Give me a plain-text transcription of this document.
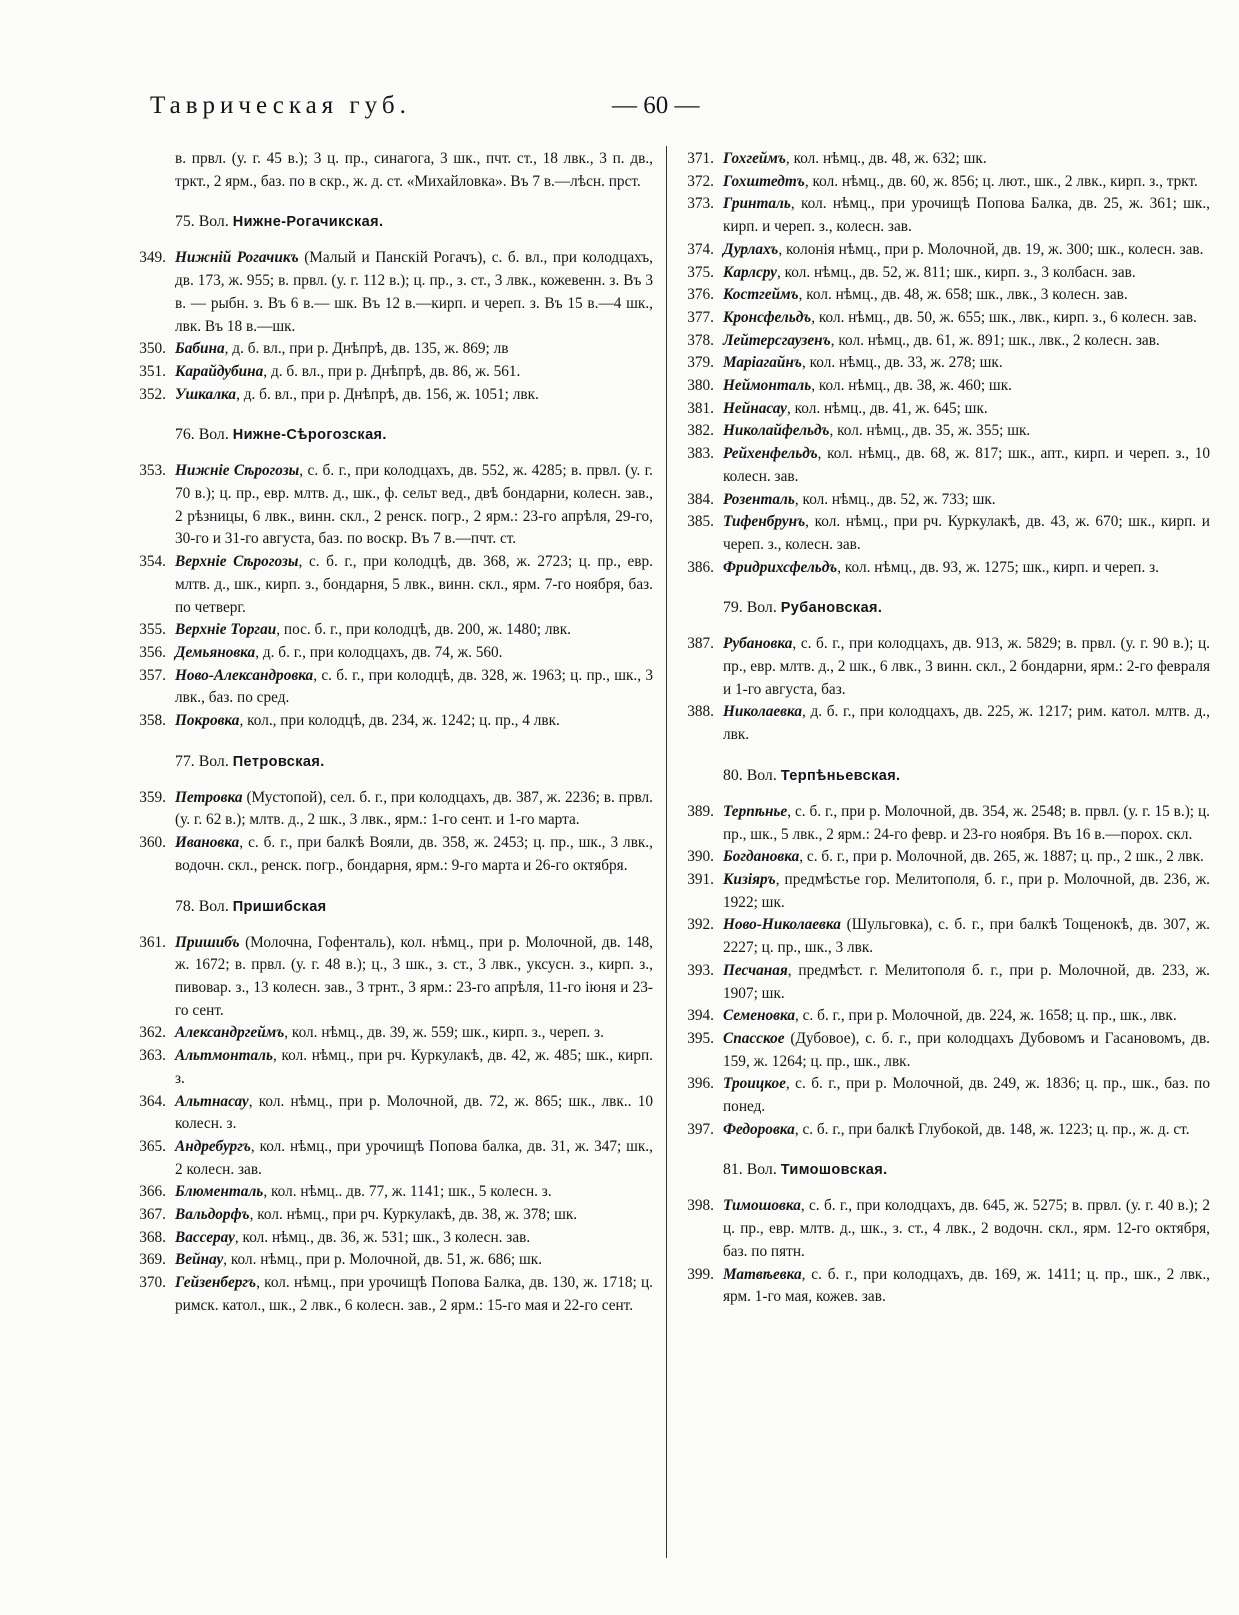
Таврическая губ.	— 60 —
в. првл. (у. г. 45 в.); 3 ц. пр., синагога, 3 шк., пчт. ст., 18 лвк., 3 п. дв., тркт., 2 ярм., баз. по в скр., ж. д. ст. «Михайловка». Въ 7 в.—лѣсн. прст.
75. Вол. Нижне-Рогачикская.
349. Нижній Рогачикъ (Малый и Панскій Рогачъ), с. б. вл., при колодцахъ, дв. 173, ж. 955; в. првл. (у. г. 112 в.); ц. пр., з. ст., 3 лвк., кожевенн. з. Въ 3 в. — рыбн. з. Въ 6 в.— шк. Въ 12 в.—кирп. и череп. з. Въ 15 в.—4 шк., лвк. Въ 18 в.—шк.
350. Бабина, д. б. вл., при р. Днѣпрѣ, дв. 135, ж. 869; лв
351. Карайдубина, д. б. вл., при р. Днѣпрѣ, дв. 86, ж. 561.
352. Ушкалка, д. б. вл., при р. Днѣпрѣ, дв. 156, ж. 1051; лвк.
76. Вол. Нижне-Сѣрогозская.
353. Нижніе Сѣрогозы, с. б. г., при колодцахъ, дв. 552, ж. 4285; в. првл. (у. г. 70 в.); ц. пр., евр. млтв. д., шк., ф. сельт вед., двѣ бондарни, колесн. зав., 2 рѣзницы, 6 лвк., винн. скл., 2 ренск. погр., 2 ярм.: 23-го апрѣля, 29-го, 30-го и 31-го августа, баз. по воскр. Въ 7 в.—пчт. ст.
354. Верхніе Сѣрогозы, с. б. г., при колодцѣ, дв. 368, ж. 2723; ц. пр., евр. млтв. д., шк., кирп. з., бондарня, 5 лвк., винн. скл., ярм. 7-го ноября, баз. по четверг.
355. Верхніе Торгаи, пос. б. г., при колодцѣ, дв. 200, ж. 1480; лвк.
356. Демьяновка, д. б. г., при колодцахъ, дв. 74, ж. 560.
357. Ново-Александровка, с. б. г., при колодцѣ, дв. 328, ж. 1963; ц. пр., шк., 3 лвк., баз. по сред.
358. Покровка, кол., при колодцѣ, дв. 234, ж. 1242; ц. пр., 4 лвк.
77. Вол. Петровская.
359. Петровка (Мустопой), сел. б. г., при колодцахъ, дв. 387, ж. 2236; в. првл. (у. г. 62 в.); млтв. д., 2 шк., 3 лвк., ярм.: 1-го сент. и 1-го марта.
360. Ивановка, с. б. г., при балкѣ Вояли, дв. 358, ж. 2453; ц. пр., шк., 3 лвк., водочн. скл., ренск. погр., бондарня, ярм.: 9-го марта и 26-го октября.
78. Вол. Пришибская
361. Пришибъ (Молочна, Гофенталь), кол. нѣмц., при р. Молочной, дв. 148, ж. 1672; в. првл. (у. г. 48 в.); ц., 3 шк., з. ст., 3 лвк., уксусн. з., кирп. з., пивовар. з., 13 колесн. зав., 3 трнт., 3 ярм.: 23-го апрѣля, 11-го іюня и 23-го сент.
362. Александргеймъ, кол. нѣмц., дв. 39, ж. 559; шк., кирп. з., череп. з.
363. Альтмонталь, кол. нѣмц., при рч. Куркулакѣ, дв. 42, ж. 485; шк., кирп. з.
364. Альтнасау, кол. нѣмц., при р. Молочной, дв. 72, ж. 865; шк., лвк.. 10 колесн. з.
365. Андребургъ, кол. нѣмц., при урочищѣ Попова балка, дв. 31, ж. 347; шк., 2 колесн. зав.
366. Блюменталь, кол. нѣмц.. дв. 77, ж. 1141; шк., 5 колесн. з.
367. Вальдорфъ, кол. нѣмц., при рч. Куркулакѣ, дв. 38, ж. 378; шк.
368. Вассерау, кол. нѣмц., дв. 36, ж. 531; шк., 3 колесн. зав.
369. Вейнау, кол. нѣмц., при р. Молочной, дв. 51, ж. 686; шк.
370. Гейзенбергъ, кол. нѣмц., при урочищѣ Попова Балка, дв. 130, ж. 1718; ц. римск. катол., шк., 2 лвк., 6 колесн. зав., 2 ярм.: 15-го мая и 22-го сент.
371. Гохгеймъ, кол. нѣмц., дв. 48, ж. 632; шк.
372. Гохштедтъ, кол. нѣмц., дв. 60, ж. 856; ц. лют., шк., 2 лвк., кирп. з., тркт.
373. Гринталь, кол. нѣмц., при урочищѣ Попова Балка, дв. 25, ж. 361; шк., кирп. и череп. з., колесн. зав.
374. Дурлахъ, колонія нѣмц., при р. Молочной, дв. 19, ж. 300; шк., колесн. зав.
375. Карлсру, кол. нѣмц., дв. 52, ж. 811; шк., кирп. з., 3 колбасн. зав.
376. Костгеймъ, кол. нѣмц., дв. 48, ж. 658; шк., лвк., 3 колесн. зав.
377. Кронсфельдъ, кол. нѣмц., дв. 50, ж. 655; шк., лвк., кирп. з., 6 колесн. зав.
378. Лейтерсгаузенъ, кол. нѣмц., дв. 61, ж. 891; шк., лвк., 2 колесн. зав.
379. Маріагайнъ, кол. нѣмц., дв. 33, ж. 278; шк.
380. Неймонталь, кол. нѣмц., дв. 38, ж. 460; шк.
381. Нейнасау, кол. нѣмц., дв. 41, ж. 645; шк.
382. Николайфельдъ, кол. нѣмц., дв. 35, ж. 355; шк.
383. Рейхенфельдъ, кол. нѣмц., дв. 68, ж. 817; шк., апт., кирп. и череп. з., 10 колесн. зав.
384. Розенталь, кол. нѣмц., дв. 52, ж. 733; шк.
385. Тифенбрунъ, кол. нѣмц., при рч. Куркулакѣ, дв. 43, ж. 670; шк., кирп. и череп. з., колесн. зав.
386. Фридрихсфельдъ, кол. нѣмц., дв. 93, ж. 1275; шк., кирп. и череп. з.
79. Вол. Рубановская.
387. Рубановка, с. б. г., при колодцахъ, дв. 913, ж. 5829; в. првл. (у. г. 90 в.); ц. пр., евр. млтв. д., 2 шк., 6 лвк., 3 винн. скл., 2 бондарни, ярм.: 2-го февраля и 1-го августа, баз.
388. Николаевка, д. б. г., при колодцахъ, дв. 225, ж. 1217; рим. катол. млтв. д., лвк.
80. Вол. Терпѣньевская.
389. Терпѣнье, с. б. г., при р. Молочной, дв. 354, ж. 2548; в. првл. (у. г. 15 в.); ц. пр., шк., 5 лвк., 2 ярм.: 24-го февр. и 23-го ноября. Въ 16 в.—порох. скл.
390. Богдановка, с. б. г., при р. Молочной, дв. 265, ж. 1887; ц. пр., 2 шк., 2 лвк.
391. Кизіяръ, предмѣстье гор. Мелитополя, б. г., при р. Молочной, дв. 236, ж. 1922; шк.
392. Ново-Николаевка (Шульговка), с. б. г., при балкѣ Тощенокѣ, дв. 307, ж. 2227; ц. пр., шк., 3 лвк.
393. Песчаная, предмѣст. г. Мелитополя б. г., при р. Молочной, дв. 233, ж. 1907; шк.
394. Семеновка, с. б. г., при р. Молочной, дв. 224, ж. 1658; ц. пр., шк., лвк.
395. Спасское (Дубовое), с. б. г., при колодцахъ Дубовомъ и Гасановомъ, дв. 159, ж. 1264; ц. пр., шк., лвк.
396. Троицкое, с. б. г., при р. Молочной, дв. 249, ж. 1836; ц. пр., шк., баз. по понед.
397. Федоровка, с. б. г., при балкѣ Глубокой, дв. 148, ж. 1223; ц. пр., ж. д. ст.
81. Вол. Тимошовская.
398. Тимошовка, с. б. г., при колодцахъ, дв. 645, ж. 5275; в. првл. (у. г. 40 в.); 2 ц. пр., евр. млтв. д., шк., з. ст., 4 лвк., 2 водочн. скл., ярм. 12-го октября, баз. по пятн.
399. Матвѣевка, с. б. г., при колодцахъ, дв. 169, ж. 1411; ц. пр., шк., 2 лвк., ярм. 1-го мая, кожев. зав.
